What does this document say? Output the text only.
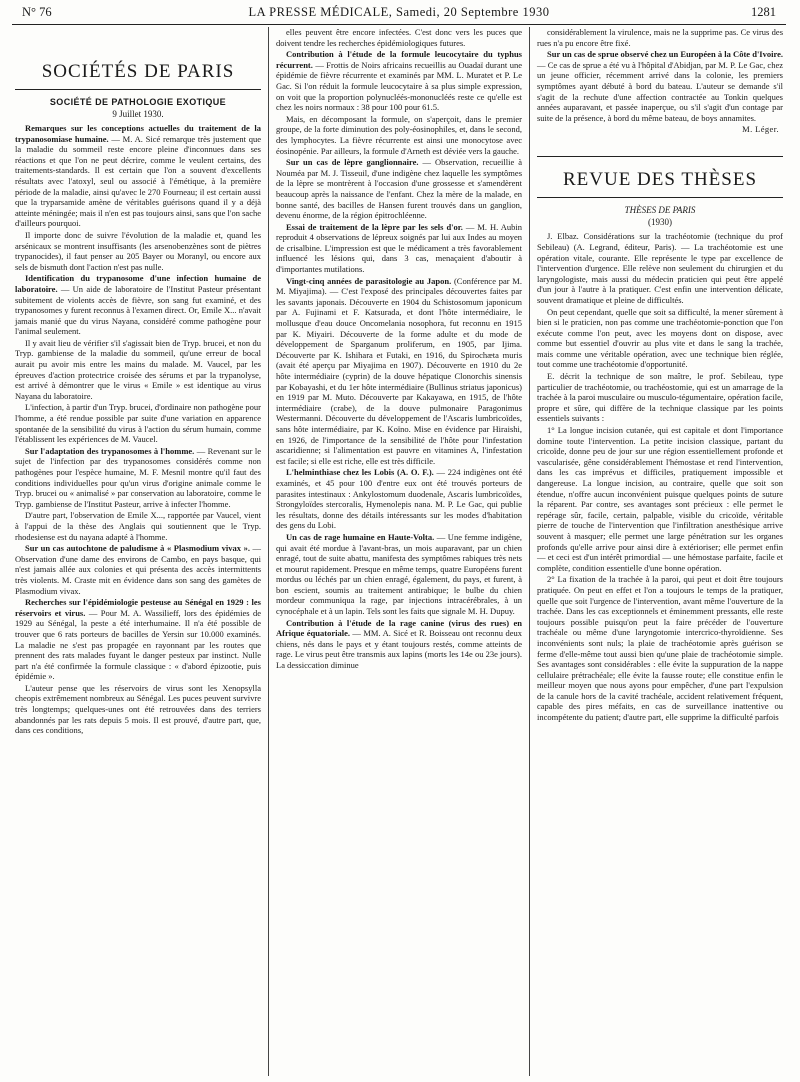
N° 76	LA PRESSE MÉDICALE, Samedi, 20 Septembre 1930	1281
SOCIÉTÉS DE PARIS
SOCIÉTÉ DE PATHOLOGIE EXOTIQUE
9 Juillet 1930.

Remarques sur les conceptions actuelles du traitement de la trypanosomiase humaine. — M. A. Sicé remarque très justement que la maladie du sommeil reste encore pleine d'inconnues dans ses réactions et que l'on ne peut décrire, comme le veulent certains, des traitements-standards. Il est certain que l'on a souvent d'excellents résultats avec l'atoxyl, seul ou associé à l'émétique, à la première période de la maladie, ainsi qu'avec le 270 Fourneau; il est certain aussi que la tryparsamide amène de véritables guérisons quand il y a déjà atteinte méningée; mais il n'en est pas toujours ainsi, sans que l'on sache d'ailleurs pourquoi.

Il importe donc de suivre l'évolution de la maladie et, quand les arsénicaux se montrent insuffisants (les arsenobenzènes sont de piètres trypanocides), il faut penser au 205 Bayer ou Moranyl, ou encore aux sels de bismuth dont l'action n'est pas nulle.

Identification du trypanosome d'une infection humaine de laboratoire. — Un aide de laboratoire de l'Institut Pasteur présentant subitement de violents accès de fièvre, son sang fut examiné, et des trypanosomes y furent reconnus à l'examen direct. Or, Emile X... n'avait jamais manié que du virus Nayana, considéré comme pathogène pour l'animal seulement.

Il y avait lieu de vérifier s'il s'agissait bien de Tryp. brucei, et non du Tryp. gambiense de la maladie du sommeil, qu'une erreur de bocal aurait pu avoir mis entre les mains du malade. M. Vaucel, par les épreuves d'action protectrice croisée des sérums et par la trypanolyse, est arrivé à démontrer que le virus « Emile » est identique au virus Nayana du laboratoire.

L'infection, à partir d'un Tryp. brucei, d'ordinaire non pathogène pour l'homme, a été rendue possible par suite d'une variation en apparence spontanée de la sensibilité du virus à l'action du sérum humain, comme l'établissent les expériences de M. Vaucel.

Sur l'adaptation des trypanosomes à l'homme. — Revenant sur le sujet de l'infection par des trypanosomes considérés comme non pathogènes pour l'espèce humaine, M. F. Mesnil montre qu'il faut des conditions individuelles pour qu'un virus d'origine animale comme le Tryp. brucei ou « animalisé » par conservation au laboratoire, comme le Tryp. gambiense de l'Institut Pasteur, arrive à infecter l'homme.

D'autre part, l'observation de Emile X..., rapportée par Vaucel, vient à l'appui de la thèse des Anglais qui soutiennent que le Tryp. rhodesiense est du nayana adapté à l'homme.

Sur un cas autochtone de paludisme à « Plasmodium vivax ». — Observation d'une dame des environs de Cambo, en pays basque, qui n'est jamais allée aux colonies et qui présenta des accès intermittents très violents. M. Craste mit en évidence dans son sang des gamètes de Plasmodium vivax.

Recherches sur l'épidémiologie pesteuse au Sénégal en 1929 : les réservoirs et virus. — Pour M. A. Wassilieff, lors des épidémies de 1929 au Sénégal, la peste a été interhumaine. Il n'a été possible de trouver que 6 rats porteurs de bacilles de Yersin sur 10.000 examinés. La maladie ne s'est pas propagée en rayonnant par les routes que prennent des rats malades fuyant le danger pesteux par instinct. Nulle part n'a été confirmée la formule classique : « d'abord épizootie, puis épidémie ».

L'auteur pense que les réservoirs de virus sont les Xenopsylla cheopis extrêmement nombreux au Sénégal. Les puces peuvent survivre très longtemps; quelques-unes ont été retrouvées dans des terriers abandonnés par les rats depuis 5 mois. Il est prouvé, d'autre part, que, dans ces conditions,

elles peuvent être encore infectées. C'est donc vers les puces que doivent tendre les recherches épidémiologiques futures.

Contribution à l'étude de la formule leucocytaire du typhus récurrent. — Frottis de Noirs africains recueillis au Ouadaï durant une épidémie de fièvre récurrente et examinés par MM. L. Muratet et P. Le Gac. Si l'on réduit la formule leucocytaire à sa plus simple expression, on voit que la proportion polynucléés-mononucléés reste ce qu'elle est chez les noirs normaux : 38 pour 100 pour 61.5.

Mais, en décomposant la formule, on s'aperçoit, dans le premier groupe, de la forte diminution des poly-éosinophiles, et, dans le second, des lymphocytes. La fièvre récurrente est ainsi une monocytose avec éosinopénie. Par ailleurs, la formule d'Arneth est déviée vers la gauche.

Sur un cas de lèpre ganglionnaire. — Observation, recueillie à Nouméa par M. J. Tisseuil, d'une indigène chez laquelle les symptômes de la lèpre se montrèrent à l'occasion d'une grossesse et s'amendèrent beaucoup après la naissance de l'enfant. Chez la mère de la malade, en bonne santé, des bacilles de Hansen furent trouvés dans un ganglion, devenu énorme, de la région épitrochléenne.

Essai de traitement de la lèpre par les sels d'or. — M. H. Aubin reproduit 4 observations de lépreux soignés par lui aux Indes au moyen de crisalbine. L'impression est que le médicament a très favorablement influencé les lésions qui, dans 3 cas, menaçaient d'aboutir à d'importantes mutilations.

Vingt-cinq années de parasitologie au Japon. (Conférence par M. M. Miyajima). — C'est l'exposé des principales découvertes faites par les savants japonais. Découverte en 1904 du Schistosomum japonicum par A. Fujinami et F. Katsurada, et dont l'hôte intermédiaire, le mollusque d'eau douce Oncomelania nosophora, fut reconnu en 1915 par K. Miyairi. Découverte de la forme adulte et du mode de développement de Sparganum proliferum, en 1905, par Ijima. Découverte par K. Ishihara et Futaki, en 1916, du Spirochæta muris (avait été aperçu par Miyajima en 1907). Découverte en 1910 du 2e hôte intermédiaire (cyprin) de la douve hépatique Clonorchis sinensis par Kobayashi, et du 1er hôte intermédiaire (Bullinus striatus japonicus) en 1919 par M. Muto. Découverte par Kakayawa, en 1915, de l'hôte intermédiaire (crabe), de la douve pulmonaire Paragonimus Westermanni. Découverte du développement de l'Ascaris lumbricoïdes, sans hôte intermédiaire, par K. Koïno. Mise en évidence par Hiraishi, en 1926, de l'importance de la sensibilité de l'hôte pour l'infestation ascaridienne; si l'alimentation est pauvre en vitamines A, l'infestation est facile; si elle est riche, elle est très difficile.

L'helminthiase chez les Lobis (A. O. F.). — 224 indigènes ont été examinés, et 45 pour 100 d'entre eux ont été trouvés porteurs de parasites intestinaux : Ankylostomum duodenale, Ascaris lumbricoïdes, Strongyloïdes stercoralis, Hymenolepis nana. M. P. Le Gac, qui publie les résultats, donne des détails intéressants sur les modes d'habitation des gens du Lobi.

Un cas de rage humaine en Haute-Volta. — Une femme indigène, qui avait été mordue à l'avant-bras, un mois auparavant, par un chien enragé, tout de suite abattu, manifesta des symptômes rabiques très nets et mourut rapidement. Presque en même temps, quatre Européens furent mordus ou léchés par un chien enragé, également, du pays, et furent, à bon escient, soumis au traitement antirabique; le bulbe du chien mordeur communiqua la rage, par injections intracérébrales, à un cynocéphale et à un lapin. Tels sont les faits que signale M. H. Dupuy.

Contribution à l'étude de la rage canine (virus des rues) en Afrique équatoriale. — MM. A. Sicé et R. Boisseau ont reconnu deux chiens, nés dans le pays et y étant toujours restés, comme atteints de rage. Le virus peut être transmis aux lapins (morts les 14e ou 23e jours). La dessiccation diminue

considérablement la virulence, mais ne la supprime pas. Ce virus des rues n'a pu encore être fixé.

Sur un cas de sprue observé chez un Européen à la Côte d'Ivoire. — Ce cas de sprue a été vu à l'hôpital d'Abidjan, par M. P. Le Gac, chez un jeune officier, récemment arrivé dans la colonie, les premiers symptômes ayant débuté à bord du bateau. L'auteur se demande s'il s'agit de la rechute d'une affection contractée au Tonkin quelques années auparavant, et passée inaperçue, ou s'il s'agit d'un contage par suite de la présence, à bord du même bateau, de boys annamites.

M. Léger.
REVUE DES THÈSES
THÈSES DE PARIS
(1930)

J. Elbaz. Considérations sur la trachéotomie (technique du prof Sebileau) (A. Legrand, éditeur, Paris). — La trachéotomie est une opération vitale, courante. Elle représente le type par excellence de l'intervention d'urgence. Elle relève non seulement du chirurgien et du laryngologiste, mais aussi du médecin praticien qui peut être appelé d'un jour à l'autre à la pratiquer. C'est enfin une intervention délicate, souvent dramatique et pleine de difficultés.

On peut cependant, quelle que soit sa difficulté, la mener sûrement à bien si le praticien, non pas comme une trachéotomie-ponction que l'on exécute comme l'on peut, avec les moyens dont on dispose, avec comme but essentiel d'ouvrir au plus vite et dans le sang la trachée, mais comme une véritable opération, avec une technique bien réglée, tout comme une trachéotomie d'opportunité.

E. décrit la technique de son maître, le prof. Sebileau, type particulier de trachéotomie, ou trachéostomie, qui est un amarrage de la trachée à la paroi musculaire ou musculo-tégumentaire, opération facile, propre et sûre, qui diffère de la technique classique par les points essentiels suivants :

1° La longue incision cutanée, qui est capitale et dont l'importance domine toute l'intervention. La petite incision classique, partant du cricoïde, donne peu de jour sur une région essentiellement profonde et vascularisée, gêne considérablement l'hémostase et rend l'intervention, dans les cas imprévus et difficiles, pratiquement impossible et dangereuse. La longue incision, au contraire, quelle que soit son étendue, n'offre aucun inconvénient puisque quelques points de suture la réparent. Par contre, ses avantages sont précieux : elle permet le repérage sûr, facile, certain, palpable, visible du cricoïde, véritable pierre de touche de l'intervention que l'infiltration anesthésique arrive souvent à masquer; elle permet une large pénétration sur les organes profonds qu'elle arrive pour ainsi dire à extérioriser; elle permet enfin — et ceci est d'un intérêt primordial — une hémostase parfaite, facile et complète, condition essentielle d'une bonne opération.

2° La fixation de la trachée à la paroi, qui peut et doit être toujours pratiquée. On peut en effet et l'on a toujours le temps de la pratiquer, quelle que soit l'urgence de l'intervention, avant même l'ouverture de la trachée. Dans les cas exceptionnels et éminemment pressants, elle reste toujours possible puisqu'on peut la faire précéder de l'ouverture trachéale ou même d'une laryngotomie intercrico-thyroïdienne. Ses inconvénients sont nuls; la plaie de trachéotomie après guérison se ferme d'elle-même tout aussi bien qu'une plaie de trachéotomie simple. Ses avantages sont considérables : elle évite la suppuration de la nappe cellulaire prétrachéale; elle évite la fausse route; elle constitue enfin le meilleur moyen que nous ayons pour empêcher, d'une part l'expulsion de la canule hors de la cavité trachéale, accident relativement fréquent, capable des pires méfaits, en cas de surveillance inattentive ou incompétente du patient; d'autre part, elle supprime la difficulté parfois
